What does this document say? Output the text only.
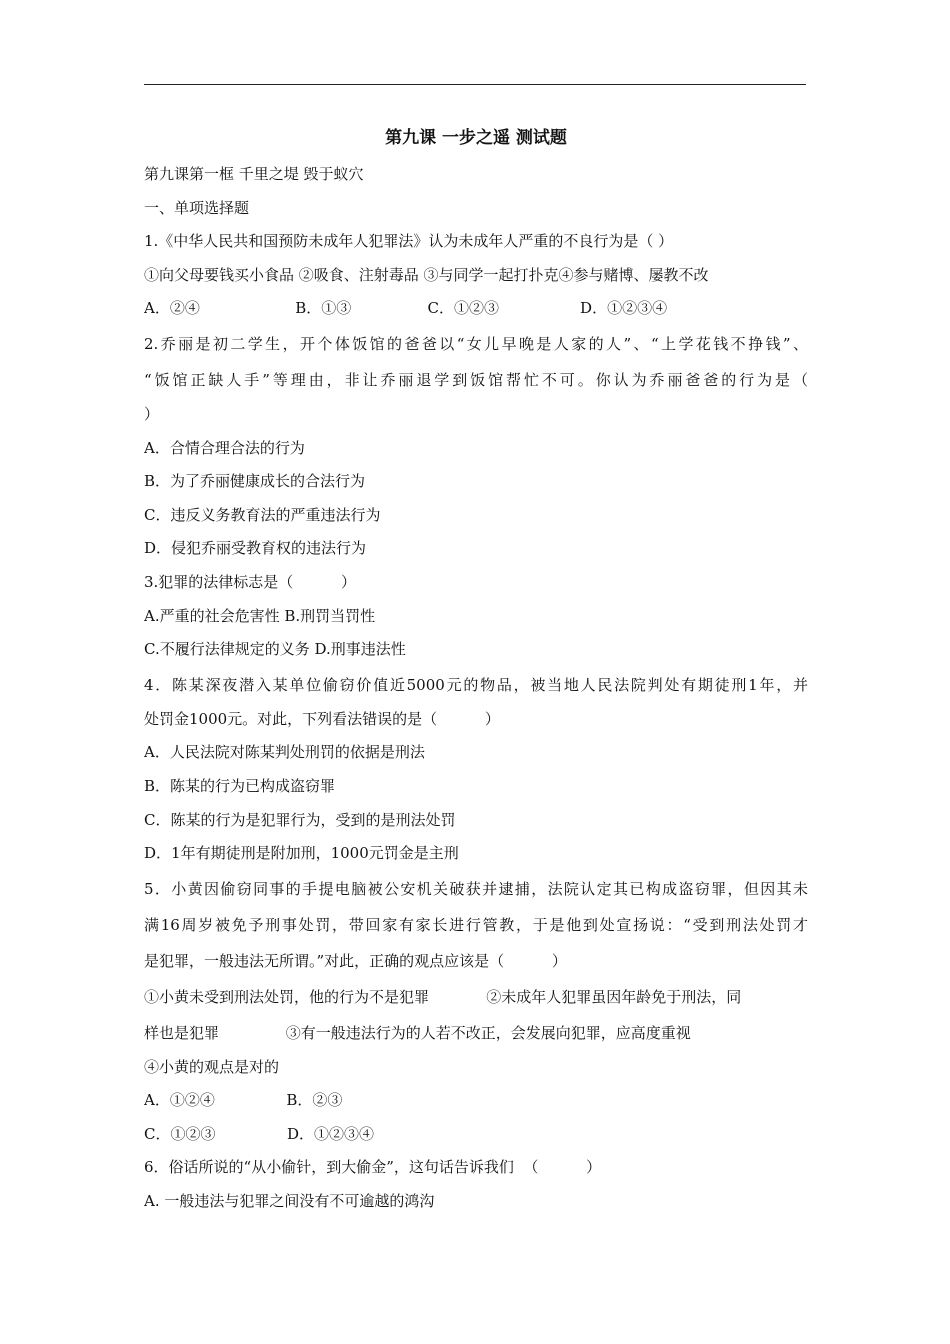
第九课 一步之遥 测试题
第九课第一框 千里之堤 毁于蚁穴
一、单项选择题
1.《中华人民共和国预防未成年人犯罪法》认为未成年人严重的不良行为是（ ）
①向父母要钱买小食品 ②吸食、注射毒品 ③与同学一起打扑克④参与赌博、屡教不改
A．②④                    B．①③                C．①②③                 D．①②③④
2.乔丽是初二学生，开个体饭馆的爸爸以“女儿早晚是人家的人”、“上学花钱不挣钱”、
“饭馆正缺人手”等理由，非让乔丽退学到饭馆帮忙不可。你认为乔丽爸爸的行为是（
）
A．合情合理合法的行为
B．为了乔丽健康成长的合法行为
C．违反义务教育法的严重违法行为
D．侵犯乔丽受教育权的违法行为
3.犯罪的法律标志是（          ）
A.严重的社会危害性 B.刑罚当罚性
C.不履行法律规定的义务 D.刑事违法性
4．陈某深夜潜入某单位偷窃价值近5000元的物品，被当地人民法院判处有期徒刑1年，并
处罚金1000元。对此，下列看法错误的是（          ）
A．人民法院对陈某判处刑罚的依据是刑法
B．陈某的行为已构成盗窃罪
C．陈某的行为是犯罪行为，受到的是刑法处罚
D．1年有期徒刑是附加刑，1000元罚金是主刑
5．小黄因偷窃同事的手提电脑被公安机关破获并逮捕，法院认定其已构成盗窃罪，但因其未
满16周岁被免予刑事处罚，带回家有家长进行管教，于是他到处宣扬说：“受到刑法处罚才
是犯罪，一般违法无所谓。”对此，正确的观点应该是（          ）
①小黄未受到刑法处罚，他的行为不是犯罪            ②未成年人犯罪虽因年龄免于刑法，同
样也是犯罪              ③有一般违法行为的人若不改正，会发展向犯罪，应高度重视
④小黄的观点是对的
A．①②④               B．②③
C．①②③               D．①②③④
6．俗话所说的“从小偷针，到大偷金”，这句话告诉我们  （          ）
A. 一般违法与犯罪之间没有不可逾越的鸿沟
